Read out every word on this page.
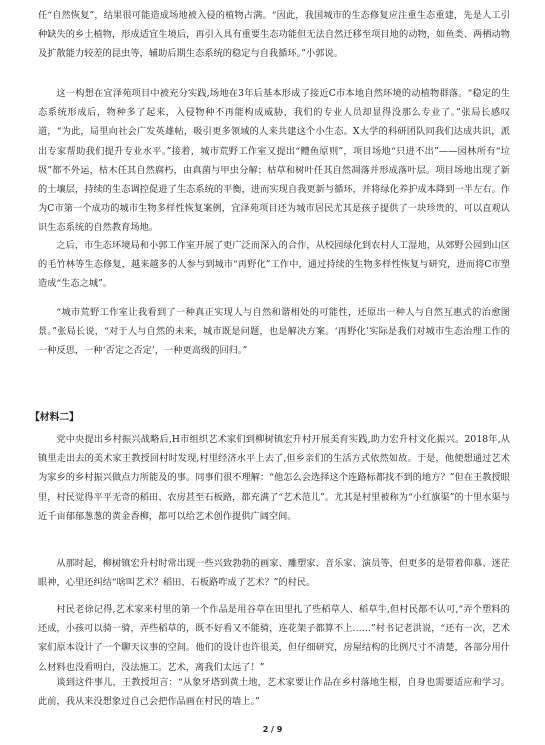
任“自然恢复”，结果很可能造成场地被入侵的植物占满。“因此，我国城市的生态修复应注重生态重建，先是人工引种缺失的乡土植物，形成适宜生境后，再引入具有重要生态功能但无法自然迁移至项目地的动物，如鱼类、两栖动物及扩散能力较差的昆虫等，辅助后期生态系统的稳定与自我循环。”小郭说。

这一构想在宜泽苑项目中被充分实践,场地在3年后基本形成了接近C市本地自然环境的动植物群落。“稳定的生态系统形成后，物种多了起来，入侵物种不再能构成威胁，我们的专业人员却显得没那么专业了。”张局长感叹道，“为此，局里向社会广发英雄帖，吸引更多领域的人来共建这个小生态。X大学的科研团队同我们达成共识，派出专家帮助我们提升专业水平。”接着，城市荒野工作室又提出“鳢鱼原则”，项目场地“只进不出”——园林所有“垃圾”都不外运，枯木任其自然腐朽，由真菌与甲虫分解；枯草和树叶任其自然凋落并形成落叶层。项目场地出现了新的土壤层，持续的生态调控促进了生态系统的平衡，进而实现自我更新与循环，并将绿化养护成本降到一半左右。作为C市第一个成功的城市生物多样性恢复案例，宜泽苑项目还为城市居民尤其是孩子提供了一块珍贵的、可以直观认识生态系统的自然教育场地。

之后，市生态环境局和小郭工作室开展了更广泛而深入的合作，从校园绿化到农村人工湿地，从郊野公园到山区的毛竹林等生态修复，越来越多的人参与到城市“再野化”工作中，通过持续的生物多样性恢复与研究，进而将C市塑造成“生态之城”。

“城市荒野工作室让我看到了一种真正实现人与自然和谐相处的可能性，还原出一种人与自然互惠式的治愈图景。”张局长说，“对于人与自然的未来，城市既是问题，也是解决方案。‘再野化’实际是我们对城市生态治理工作的一种反思，一种‘否定之否定’，一种更高级的回归。”

【材料二】

党中央提出乡村振兴战略后,H市组织艺术家们到柳树镇宏升村开展美育实践,助力宏升村文化振兴。2018年,从镇里走出去的美术家王教授回村时发现,村里经济水平上去了,但乡亲们的生活方式依然如故。于是，他便想通过艺术为家乡的乡村振兴做点力所能及的事。同事们很不理解：“他怎么会选择这个连路标都找不到的地方？”但在王教授眼里，村民觉得平平无奇的稻田、农房甚至石板路，都充满了“艺术范儿”。尤其是村里被称为“小红旗渠”的十里水渠与近千亩郁郁葱葱的黄金香柳，都可以给艺术创作提供广阔空间。

从那时起，柳树镇宏升村时常出现一些兴致勃勃的画家、雕塑家、音乐家、演员等，但更多的是带着仰慕、迷茫眼神，心里还纠结“啥叫艺术？稻田、石板路咋成了艺术？”的村民。

村民老徐记得,艺术家来村里的第一个作品是用谷草在田里扎了些稻草人、稻草牛,但村民都不认可,“弄个塑料的还成，小孩可以骑一骑，弄些稻草的，既不好看又不能骑，连花架子都算不上……”村书记老洪说，“还有一次，艺术家们原本设计了一个聊天议事的空间。他们的设计也许很美，但仔细研究，房屋结构的比例尺寸不清楚，各部分用什么材料也没看明白，没法施工。艺术，离我们太远了！”

谈到这件事儿，王教授坦言：“从象牙塔到黄土地，艺术家要让作品在乡村落地生根，自身也需要适应和学习。此前，我从来没想象过自己会把作品画在村民的墙上。”

2 / 9
